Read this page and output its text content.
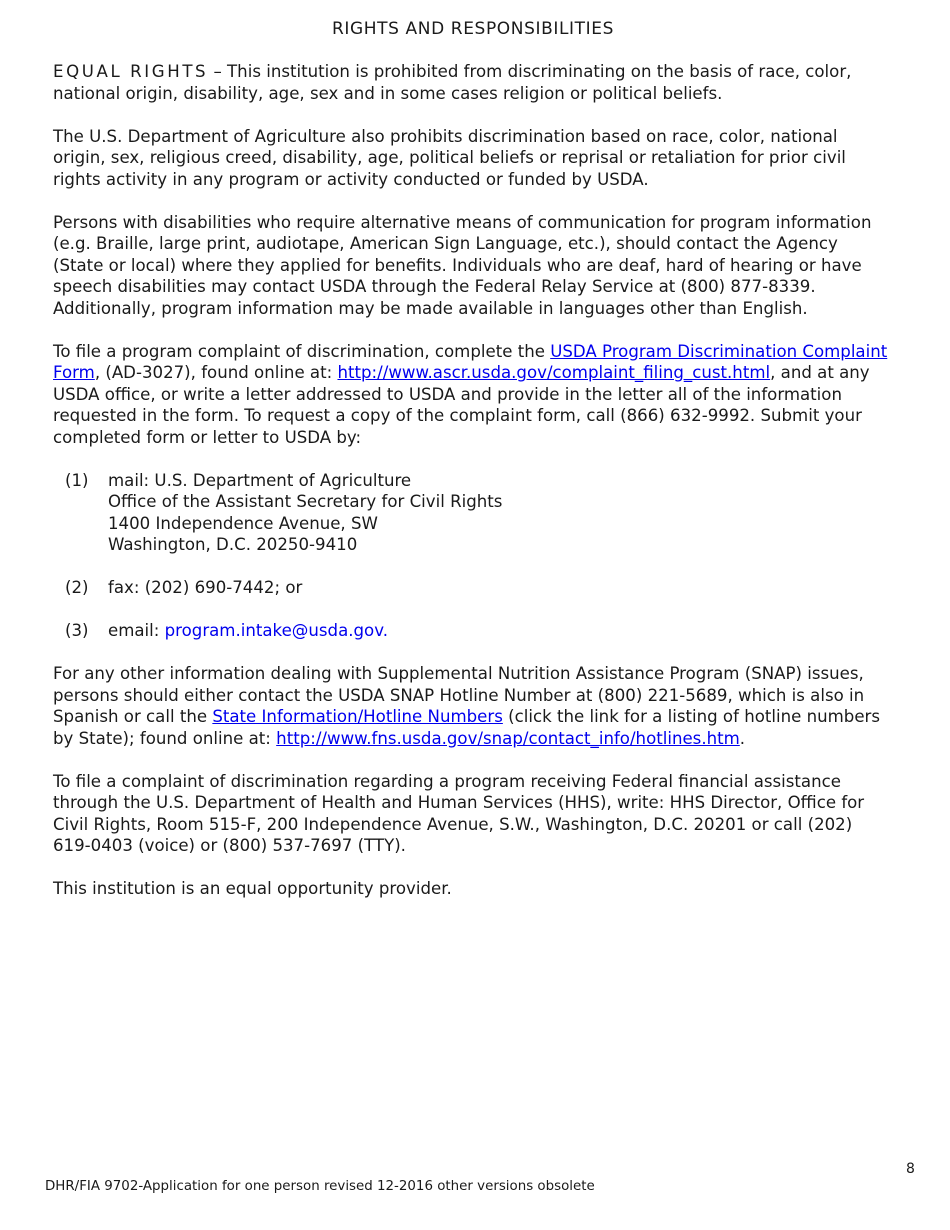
RIGHTS AND RESPONSIBILITIES

EQUAL RIGHTS – This institution is prohibited from discriminating on the basis of race, color, national origin, disability, age, sex and in some cases religion or political beliefs.

The U.S. Department of Agriculture also prohibits discrimination based on race, color, national origin, sex, religious creed, disability, age, political beliefs or reprisal or retaliation for prior civil rights activity in any program or activity conducted or funded by USDA.

Persons with disabilities who require alternative means of communication for program information (e.g. Braille, large print, audiotape, American Sign Language, etc.), should contact the Agency (State or local) where they applied for benefits. Individuals who are deaf, hard of hearing or have speech disabilities may contact USDA through the Federal Relay Service at (800) 877-8339. Additionally, program information may be made available in languages other than English.

To file a program complaint of discrimination, complete the USDA Program Discrimination Complaint Form, (AD-3027), found online at: http://www.ascr.usda.gov/complaint_filing_cust.html, and at any USDA office, or write a letter addressed to USDA and provide in the letter all of the information requested in the form. To request a copy of the complaint form, call (866) 632-9992. Submit your completed form or letter to USDA by:

(1)	mail: U.S. Department of Agriculture
Office of the Assistant Secretary for Civil Rights
1400 Independence Avenue, SW
Washington, D.C. 20250-9410
(2)	fax: (202) 690-7442; or
(3)	email: program.intake@usda.gov.

For any other information dealing with Supplemental Nutrition Assistance Program (SNAP) issues, persons should either contact the USDA SNAP Hotline Number at (800) 221-5689, which is also in Spanish or call the State Information/Hotline Numbers (click the link for a listing of hotline numbers by State); found online at: http://www.fns.usda.gov/snap/contact_info/hotlines.htm.

To file a complaint of discrimination regarding a program receiving Federal financial assistance through the U.S. Department of Health and Human Services (HHS), write: HHS Director, Office for Civil Rights, Room 515-F, 200 Independence Avenue, S.W., Washington, D.C. 20201 or call (202) 619-0403 (voice) or (800) 537-7697 (TTY).

This institution is an equal opportunity provider.

8
DHR/FIA 9702-Application for one person revised 12-2016 other versions obsolete
